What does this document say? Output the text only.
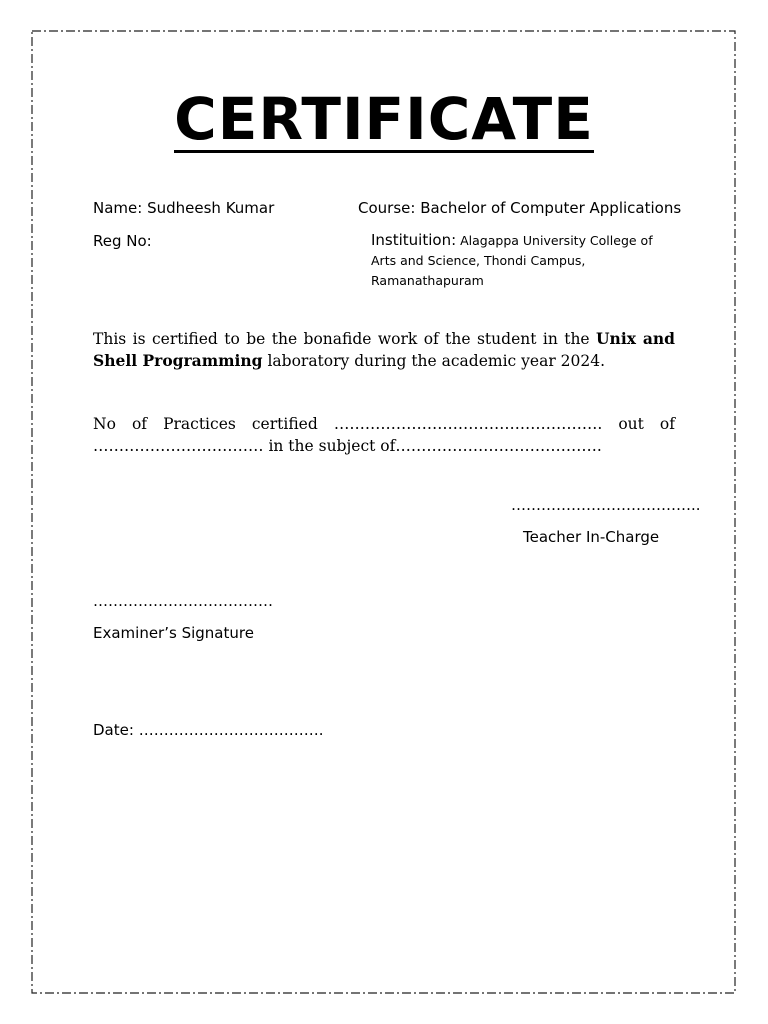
CERTIFICATE
Name: Sudheesh Kumar	Course: Bachelor of Computer Applications
Reg No:	Instituition: Alagappa University College of Arts and Science, Thondi Campus, Ramanathapuram
This is certified to be the bonafide work of the student in the Unix and Shell Programming laboratory during the academic year 2024.
No of Practices certified ……………………………………………. out of
…………………………… in the subject of………………………………….
………………………………..
Teacher In-Charge
………………………………
Examiner’s Signature
Date: ……………………………….
